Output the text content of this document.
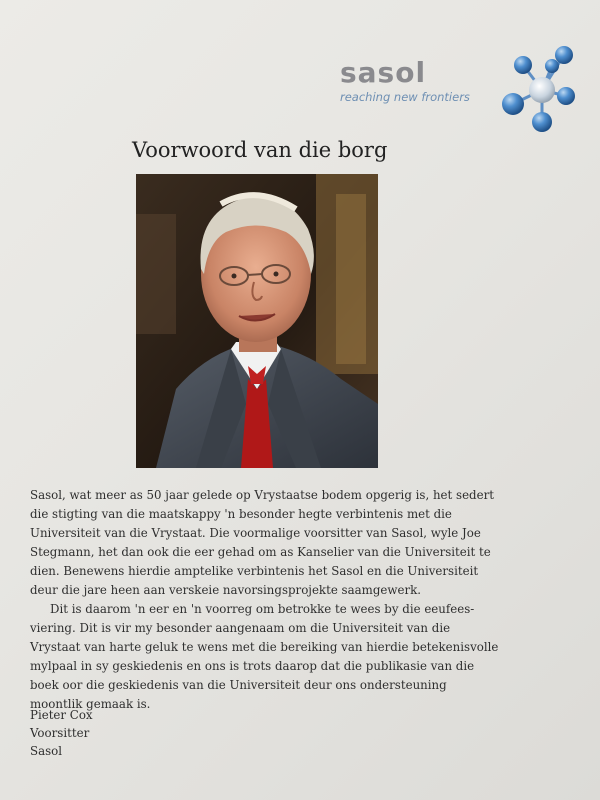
sasol
reaching new frontiers
Voorwoord van die borg

Sasol, wat meer as 50 jaar gelede op Vrystaatse bodem opgerig is, het sedert die stigting van die maatskappy 'n besonder hegte verbintenis met die Universiteit van die Vrystaat. Die voormalige voorsitter van Sasol, wyle Joe Stegmann, het dan ook die eer gehad om as Kanselier van die Universiteit te dien. Benewens hierdie amptelike verbintenis het Sasol en die Universiteit deur die jare heen aan verskeie navorsingsprojekte saamgewerk.

Dit is daarom 'n eer en 'n voorreg om betrokke te wees by die eeufees-viering. Dit is vir my besonder aangenaam om die Universiteit van die Vrystaat van harte geluk te wens met die bereiking van hierdie betekenisvolle mylpaal in sy geskiedenis en ons is trots daarop dat die publikasie van die boek oor die geskiedenis van die Universiteit deur ons ondersteuning moontlik gemaak is.

Pieter Cox
Voorsitter
Sasol
